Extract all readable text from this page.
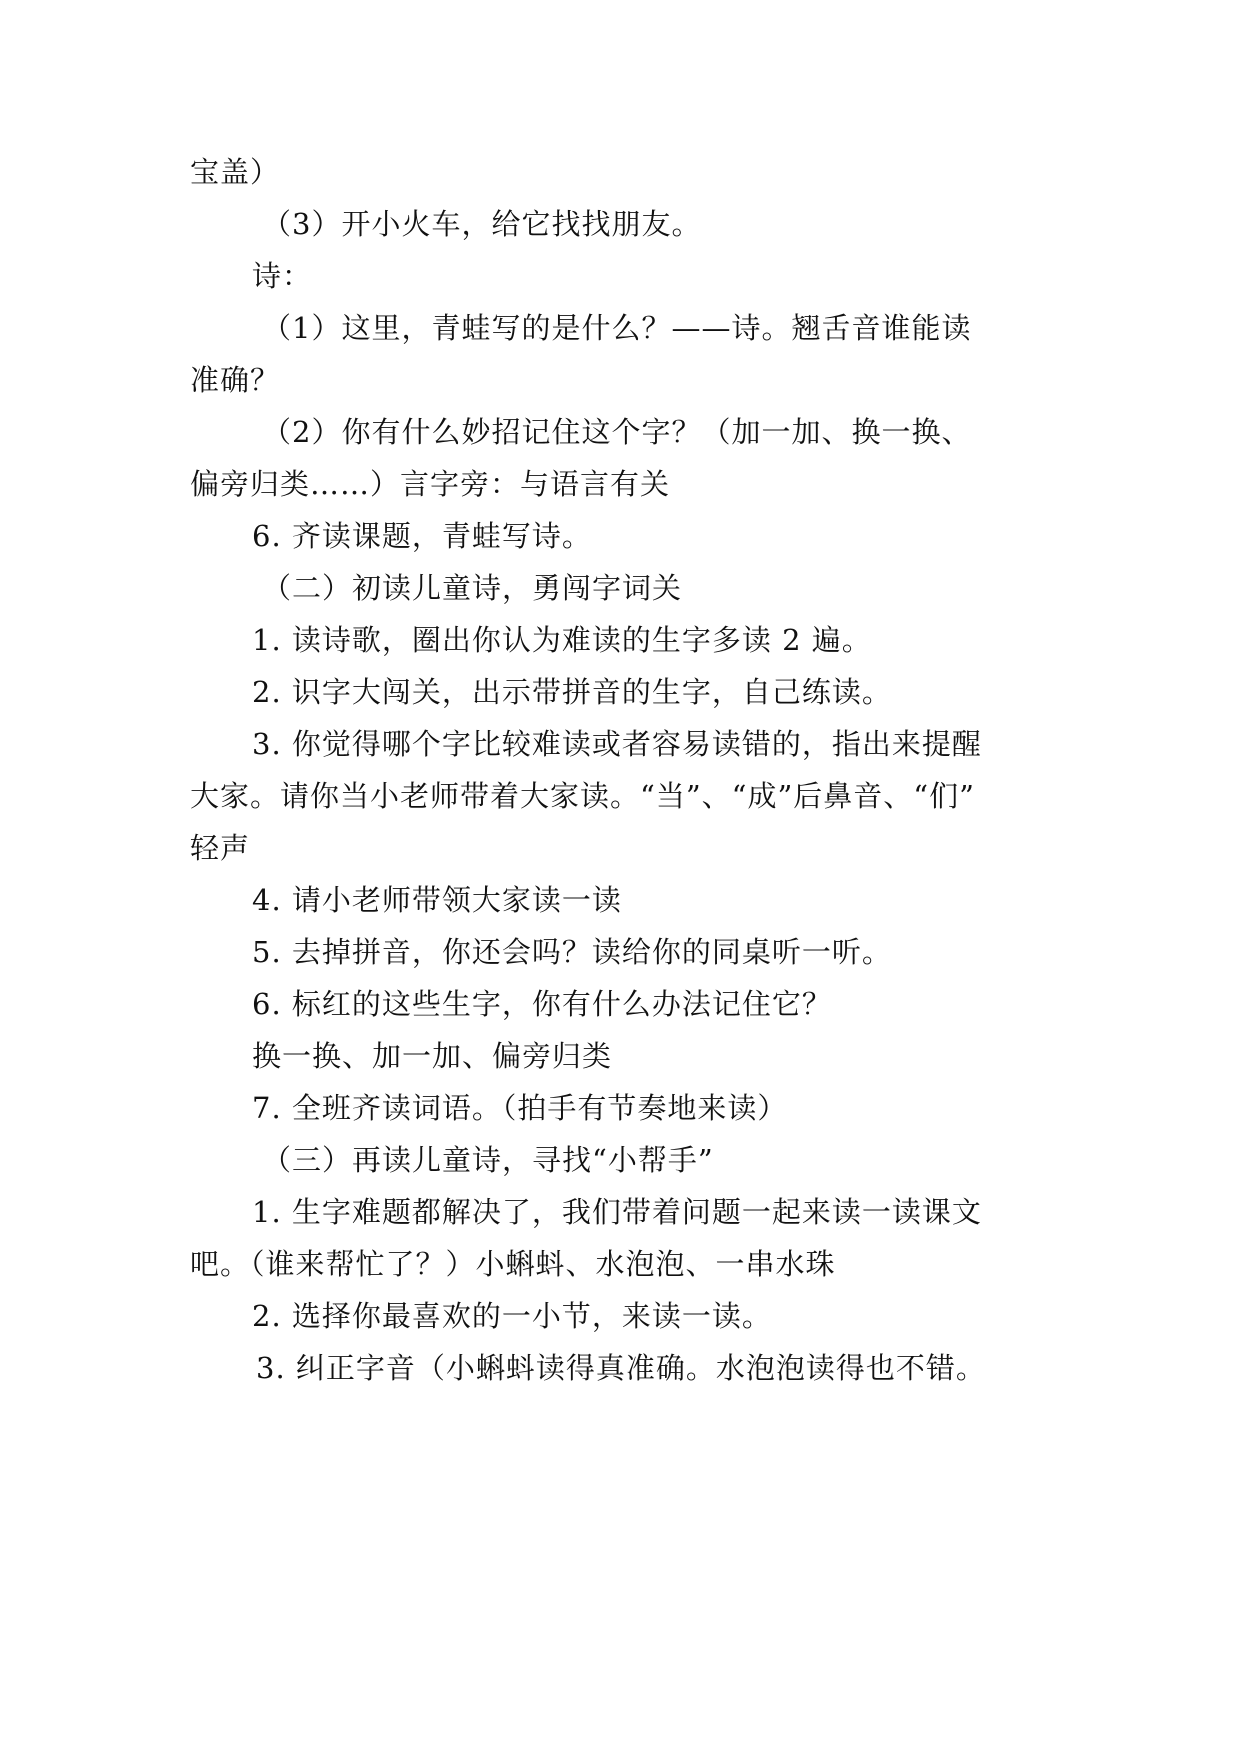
宝盖）
（3）开小火车，给它找找朋友。
诗：
（1）这里，青蛙写的是什么？——诗。翘舌音谁能读
准确？
（2）你有什么妙招记住这个字？（加一加、换一换、
偏旁归类……）言字旁：与语言有关
6. 齐读课题，青蛙写诗。
（二）初读儿童诗，勇闯字词关
1. 读诗歌，圈出你认为难读的生字多读 2 遍。
2. 识字大闯关，出示带拼音的生字，自己练读。
3. 你觉得哪个字比较难读或者容易读错的，指出来提醒
大家。请你当小老师带着大家读。“当”、“成”后鼻音、“们”
轻声
4. 请小老师带领大家读一读
5. 去掉拼音，你还会吗？读给你的同桌听一听。
6. 标红的这些生字，你有什么办法记住它？
换一换、加一加、偏旁归类
7. 全班齐读词语。（拍手有节奏地来读）
（三）再读儿童诗，寻找“小帮手”
1. 生字难题都解决了，我们带着问题一起来读一读课文
吧。（谁来帮忙了？）小蝌蚪、水泡泡、一串水珠
2. 选择你最喜欢的一小节，来读一读。
3. 纠正字音（小蝌蚪读得真准确。水泡泡读得也不错。
